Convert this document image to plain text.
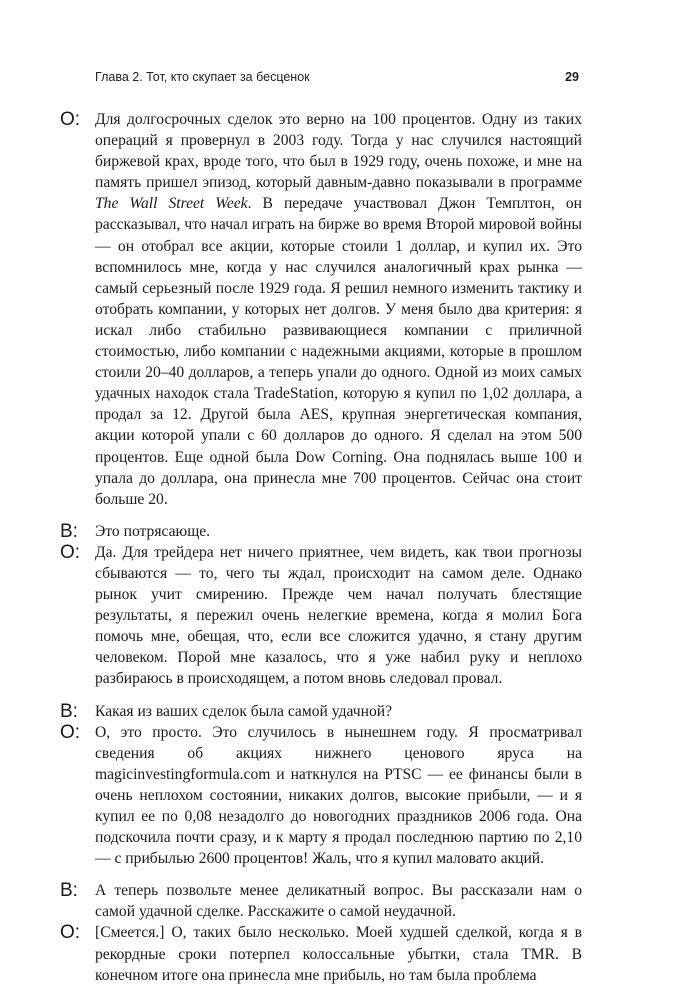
Глава 2. Тот, кто скупает за бесценок	29
О: Для долгосрочных сделок это верно на 100 процентов. Одну из таких операций я провернул в 2003 году. Тогда у нас случился настоящий биржевой крах, вроде того, что был в 1929 году, очень похоже, и мне на память пришел эпизод, который давным-давно показывали в программе The Wall Street Week. В передаче участвовал Джон Темплтон, он рассказывал, что начал играть на бирже во время Второй мировой войны — он отобрал все акции, которые стоили 1 доллар, и купил их. Это вспомнилось мне, когда у нас случился аналогичный крах рынка — самый серьезный после 1929 года. Я решил немного изменить тактику и отобрать компании, у которых нет долгов. У меня было два критерия: я искал либо стабильно развивающиеся компании с приличной стоимостью, либо компании с надежными акциями, которые в прошлом стоили 20–40 долларов, а теперь упали до одного. Одной из моих самых удачных находок стала TradeStation, которую я купил по 1,02 доллара, а продал за 12. Другой была AES, крупная энергетическая компания, акции которой упали с 60 долларов до одного. Я сделал на этом 500 процентов. Еще одной была Dow Corning. Она поднялась выше 100 и упала до доллара, она принесла мне 700 процентов. Сейчас она стоит больше 20.
В: Это потрясающе.
О: Да. Для трейдера нет ничего приятнее, чем видеть, как твои прогнозы сбываются — то, чего ты ждал, происходит на самом деле. Однако рынок учит смирению. Прежде чем начал получать блестящие результаты, я пережил очень нелегкие времена, когда я молил Бога помочь мне, обещая, что, если все сложится удачно, я стану другим человеком. Порой мне казалось, что я уже набил руку и неплохо разбираюсь в происходящем, а потом вновь следовал провал.
В: Какая из ваших сделок была самой удачной?
О: О, это просто. Это случилось в нынешнем году. Я просматривал сведения об акциях нижнего ценового яруса на magicinvestingformula.com и наткнулся на PTSC — ее финансы были в очень неплохом состоянии, никаких долгов, высокие прибыли, — и я купил ее по 0,08 незадолго до новогодних праздников 2006 года. Она подскочила почти сразу, и к марту я продал последнюю партию по 2,10 — с прибылью 2600 процентов! Жаль, что я купил маловато акций.
В: А теперь позвольте менее деликатный вопрос. Вы рассказали нам о самой удачной сделке. Расскажите о самой неудачной.
О: [Смеется.] О, таких было несколько. Моей худшей сделкой, когда я в рекордные сроки потерпел колоссальные убытки, стала TMR. В конечном итоге она принесла мне прибыль, но там была проблема
